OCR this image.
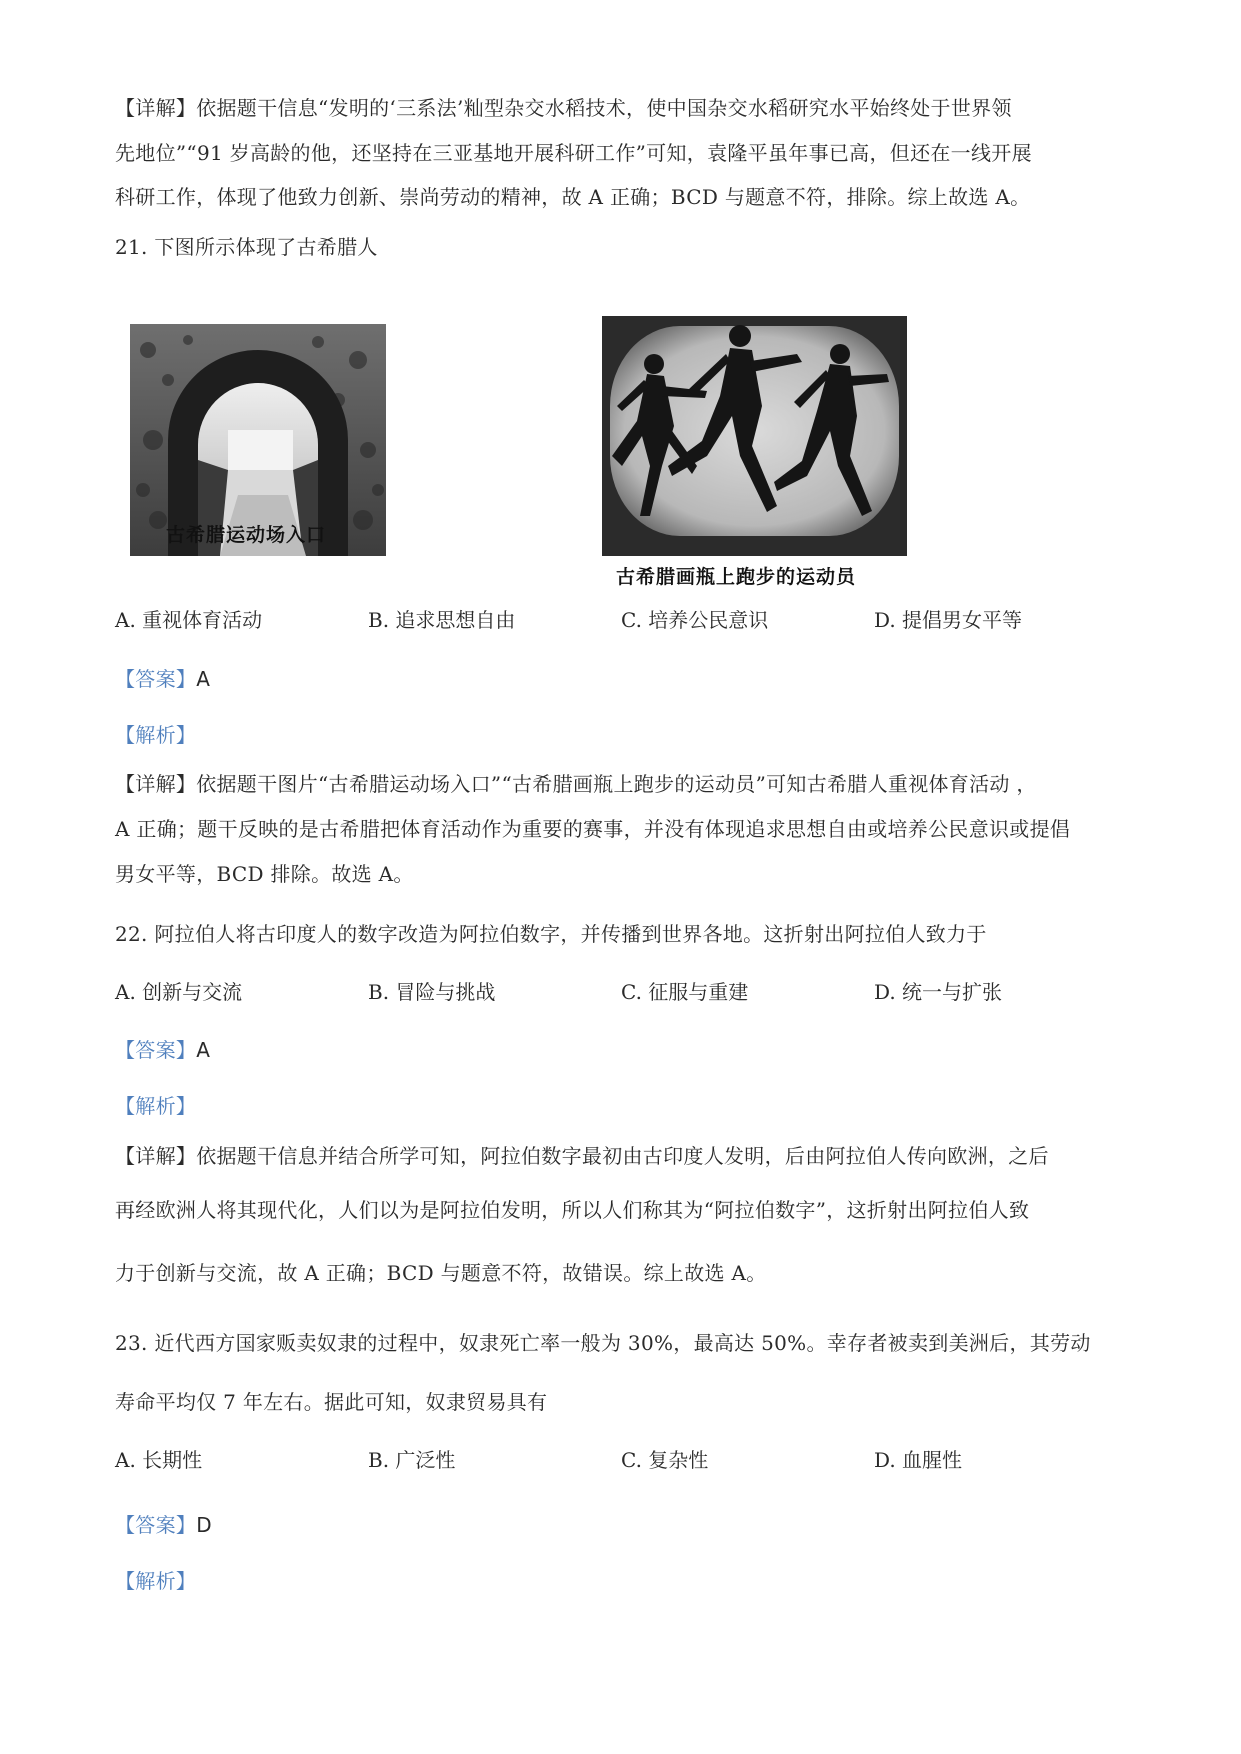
【详解】依据题干信息“发明的‘三系法’籼型杂交水稻技术，使中国杂交水稻研究水平始终处于世界领
先地位”“91 岁高龄的他，还坚持在三亚基地开展科研工作”可知，袁隆平虽年事已高，但还在一线开展
科研工作，体现了他致力创新、崇尚劳动的精神，故 A 正确；BCD 与题意不符，排除。综上故选 A。
21. 下图所示体现了古希腊人
古希腊运动场入口
古希腊画瓶上跑步的运动员
A. 重视体育活动	B. 追求思想自由	C. 培养公民意识	D. 提倡男女平等
【答案】A
【解析】
【详解】依据题干图片“古希腊运动场入口”“古希腊画瓶上跑步的运动员”可知古希腊人重视体育活动 ，
A 正确；题干反映的是古希腊把体育活动作为重要的赛事，并没有体现追求思想自由或培养公民意识或提倡
男女平等，BCD 排除。故选 A。
22. 阿拉伯人将古印度人的数字改造为阿拉伯数字，并传播到世界各地。这折射出阿拉伯人致力于
A. 创新与交流	B. 冒险与挑战	C. 征服与重建	D. 统一与扩张
【答案】A
【解析】
【详解】依据题干信息并结合所学可知，阿拉伯数字最初由古印度人发明，后由阿拉伯人传向欧洲，之后
再经欧洲人将其现代化，人们以为是阿拉伯发明，所以人们称其为“阿拉伯数字”，这折射出阿拉伯人致
力于创新与交流，故 A 正确；BCD 与题意不符，故错误。综上故选 A。
23. 近代西方国家贩卖奴隶的过程中，奴隶死亡率一般为 30%，最高达 50%。幸存者被卖到美洲后，其劳动
寿命平均仅 7 年左右。据此可知，奴隶贸易具有
A. 长期性	B. 广泛性	C. 复杂性	D. 血腥性
【答案】D
【解析】
